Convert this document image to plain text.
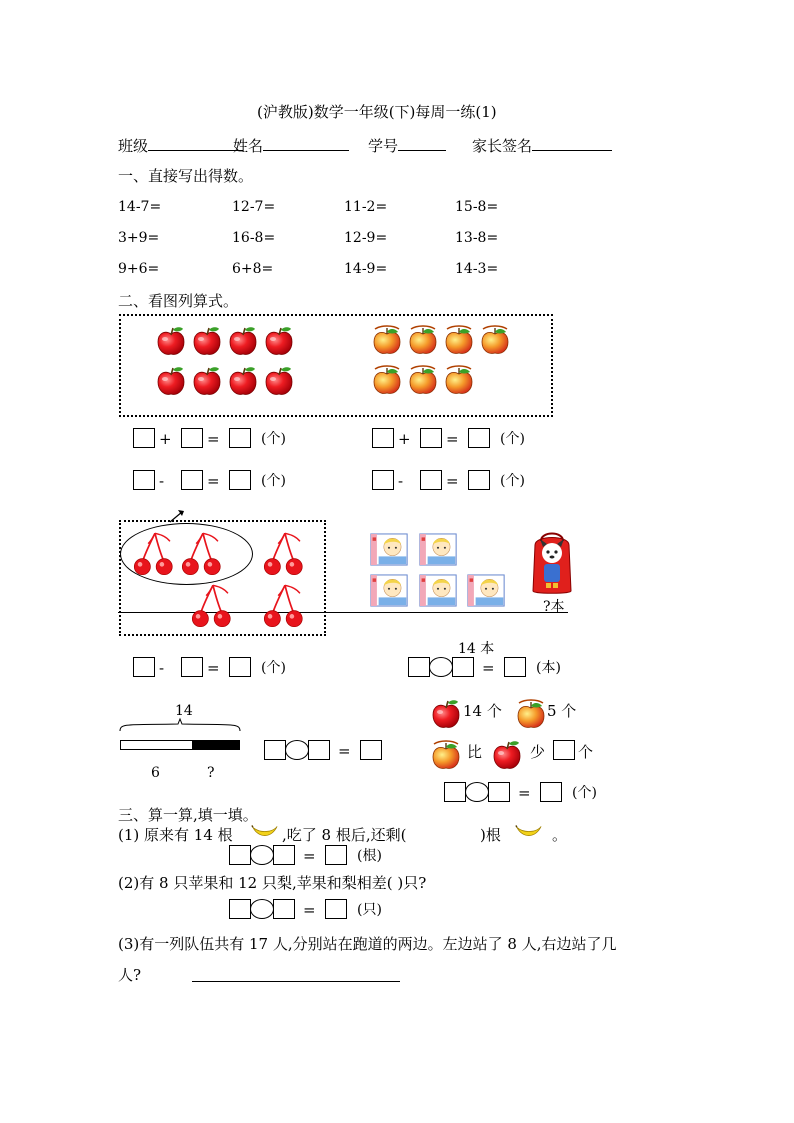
(沪教版)数学一年级(下)每周一练(1)
班级	姓名	学号	家长签名
一、直接写出得数。
二、看图列算式。
?本
14 本
14
6	?
14 个	5 个
比	少 个
三、算一算,填一填。
(1) 原来有 14 根	,吃了 8 根后,还剩(	)根	。
(2)有 8 只苹果和 12 只梨,苹果和梨相差( )只?
(3)有一列队伍共有 17 人,分别站在跑道的两边。左边站了 8 人,右边站了几
人?
14-7=	12-7=	11-2=	15-8=
3+9=	16-8=	12-9=	13-8=
9+6=	6+8=	14-9=	14-3=
+ =	(个)	+ =	(个)
-	=	(个)	-	=	(个)
-	=	(个)	=	(本)
=
=	(个)
=	(根)
=	(只)
